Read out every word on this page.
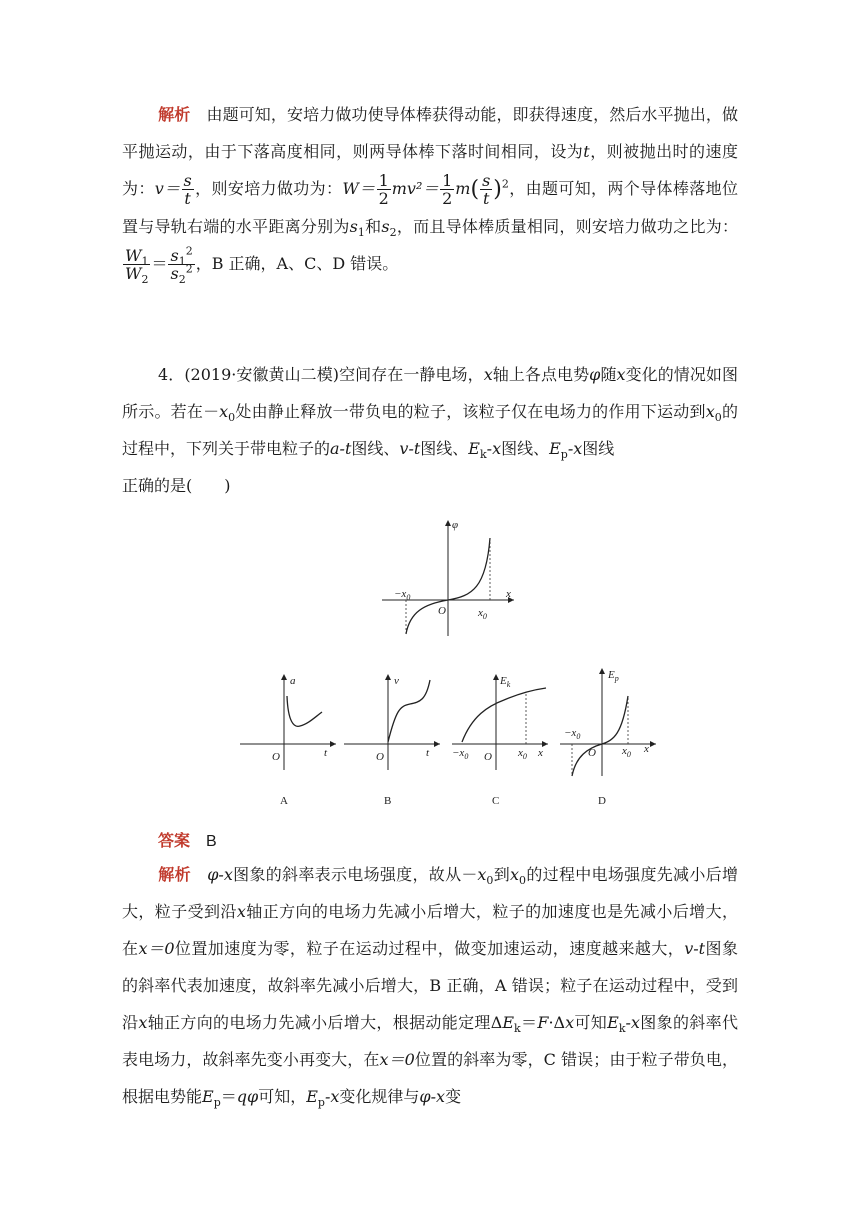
解析　 由题可知，安培力做功使导体棒获得动能，即获得速度，然后水平抛出，做平抛运动，由于下落高度相同，则两导体棒下落时间相同，设为t，则被抛出时的速度为：$v= \frac{s}{t}$ ，则安培力做功为：$W= \frac{1}{2} mv^2= \frac{1}{2} m( \frac{s}{t} )^2$，由题可知，两个导体棒落地位置与导轨右端的水平距离分别为$s_1$和$s_2$，而且导体棒质量相同，则安培力做功之比为：
$\frac{W_1}{W_2} = \frac{s_1^2}{s_2^2}$ ，B 正确，A、C、D 错误。

4．(2019·安徽黄山二模)空间存在一静电场，x轴上各点电势φ随x变化的情况如图所示。若在$-x_0$处由静止释放一带负电的粒子，该粒子仅在电场力的作用下运动到$x_0$的过程中，下列关于带电粒子的a-t图线、v-t图线、$E_k-x$图线、$E_p-x$图线
正确的是(　　)

φ
x
O
$-x_0$
$x_0$
a
t
O
A
v
t
O
B
$E_k$
x
O
$-x_0$	$x_0$
C
$E_p$
x
O
$-x_0$
$x_0$
D

答案　 B

解析　 φ-x图象的斜率表示电场强度，故从$-x_0$到$x_0$的过程中电场强度先减小后增大，粒子受到沿x轴正方向的电场力先减小后增大，粒子的加速度也是先减小后增大，在x＝0位置加速度为零，粒子在运动过程中，做变加速运动，速度越来越大，v-t图象的斜率代表加速度，故斜率先减小后增大，B 正确，A 错误；粒子在运动过程中，受到沿x轴正方向的电场力先减小后增大，根据动能定理$\Delta E_k=F\cdot\Delta x$可知$E_k-x$图象的斜率代表电场力，故斜率先变小再变大，在x＝0位置的斜率为零，C 错误；由于粒子带负电，根据电势能$E_p=q\varphi$可知，$E_p-x$变化规律与φ-x变
